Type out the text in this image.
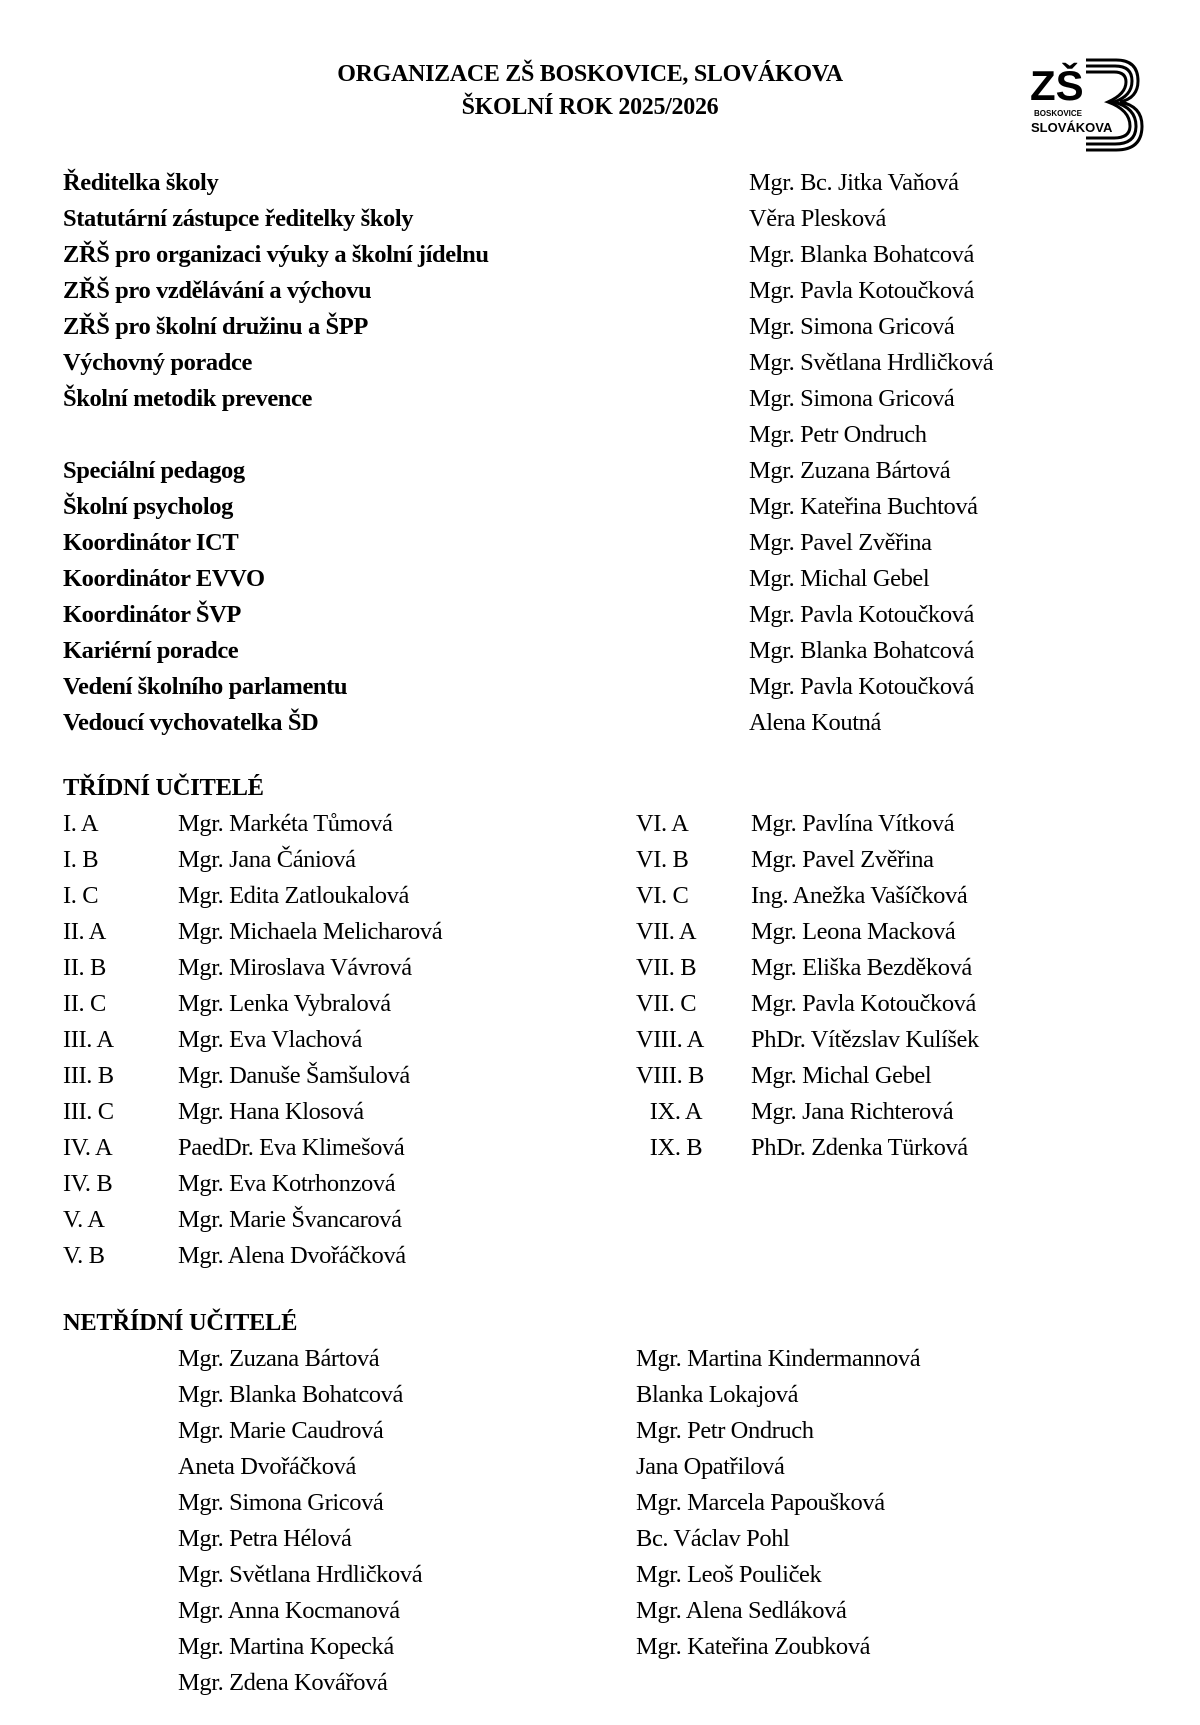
ORGANIZACE ZŠ BOSKOVICE, SLOVÁKOVA
ŠKOLNÍ ROK 2025/2026	ZŠ
BOSKOVICE
SLOVÁKOVA
Ředitelka školy	Mgr. Bc. Jitka Vaňová
Statutární zástupce ředitelky školy	Věra Plesková
ZŘŠ pro organizaci výuky a školní jídelnu	Mgr. Blanka Bohatcová
ZŘŠ pro vzdělávání a výchovu	Mgr. Pavla Kotoučková
ZŘŠ pro školní družinu a ŠPP	Mgr. Simona Gricová
Výchovný poradce	Mgr. Světlana Hrdličková
Školní metodik prevence	Mgr. Simona Gricová
Mgr. Petr Ondruch
Speciální pedagog	Mgr. Zuzana Bártová
Školní psycholog	Mgr. Kateřina Buchtová
Koordinátor ICT	Mgr. Pavel Zvěřina
Koordinátor EVVO	Mgr. Michal Gebel
Koordinátor ŠVP	Mgr. Pavla Kotoučková
Kariérní poradce	Mgr. Blanka Bohatcová
Vedení školního parlamentu	Mgr. Pavla Kotoučková
Vedoucí vychovatelka ŠD	Alena Koutná
TŘÍDNÍ UČITELÉ
I. A	Mgr. Markéta Tůmová
I. B	Mgr. Jana Čániová
I. C	Mgr. Edita Zatloukalová
II. A	Mgr. Michaela Melicharová
II. B	Mgr. Miroslava Vávrová
II. C	Mgr. Lenka Vybralová
III. A	Mgr. Eva Vlachová
III. B	Mgr. Danuše Šamšulová
III. C	Mgr. Hana Klosová
IV. A	PaedDr. Eva Klimešová
IV. B	Mgr. Eva Kotrhonzová
V. A	Mgr. Marie Švancarová
V. B	Mgr. Alena Dvořáčková
VI. A	Mgr. Pavlína Vítková
VI. B	Mgr. Pavel Zvěřina
VI. C	Ing. Anežka Vašíčková
VII. A	Mgr. Leona Macková
VII. B	Mgr. Eliška Bezděková
VII. C	Mgr. Pavla Kotoučková
VIII. A	PhDr. Vítězslav Kulíšek
VIII. B	Mgr. Michal Gebel
IX. A	Mgr. Jana Richterová
IX. B	PhDr. Zdenka Türková
NETŘÍDNÍ UČITELÉ
Mgr. Zuzana Bártová
Mgr. Blanka Bohatcová
Mgr. Marie Caudrová
Aneta Dvořáčková
Mgr. Simona Gricová
Mgr. Petra Hélová
Mgr. Světlana Hrdličková
Mgr. Anna Kocmanová
Mgr. Martina Kopecká
Mgr. Zdena Kovářová
Mgr. Martina Kindermannová
Blanka Lokajová
Mgr. Petr Ondruch
Jana Opatřilová
Mgr. Marcela Papoušková
Bc. Václav Pohl
Mgr. Leoš Pouliček
Mgr. Alena Sedláková
Mgr. Kateřina Zoubková
